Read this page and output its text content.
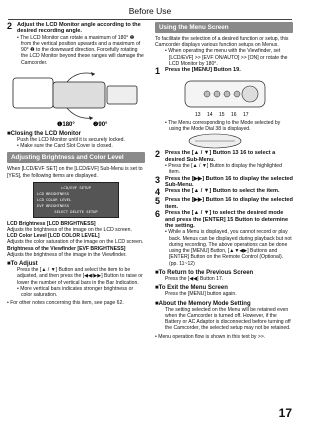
Before Use
2 Adjust the LCD Monitor angle according to the desired recording angle.

• The LCD Monitor can rotate a maximum of 180° ❶ from the vertical position upwards and a maximum of 90° ❷ to the downward direction. Forcefully rotating the LCD Monitor beyond these ranges will damage the Camcorder.

❶180°	❷90°

■Closing the LCD Monitor

Push the LCD Monitor until it is securely locked.

• Make sure the Card Slot Cover is closed.

Adjusting Brightness and Color Level

When [LCD/EVF SET] on the [LCD/EVF] Sub-Menu is set to [YES], the following items are displayed.

LCD/EVF SETUP
LCD BRIGHTNESS
LCD COLOR LEVEL
EVF BRIGHTNESS
SELECT DELETE SETUP

LCD Brightness [LCD BRIGHTNESS]

Adjusts the brightness of the image on the LCD screen.

LCD Color Level [LCD COLOR LEVEL]

Adjusts the color saturation of the image on the LCD screen.

Brightness of the Viewfinder [EVF BRIGHTNESS]

Adjusts the brightness of the image in the Viewfinder.

■To Adjust

Press the [▲ / ▼] Button and select the item to be adjusted, and then press the [◀◀/▶▶] Button to raise or lower the number of vertical bars in the Bar Indication.

• More vertical bars indicates stronger brightness or color saturation.

• For other notes concerning this item, see page 62.

Using the Menu Screen

To facilitate the selection of a desired function or setup, this Camcorder displays various function setups on Menus.

• When operating the menu with the Viewfinder, set [LCD/EVF] >> [EVF ON/AUTO] >> [ON] or rotate the LCD Monitor by 180°.

1 Press the [MENU] Button 19.
13 14 15 16 17

• The Menu corresponding to the Mode selected by using the Mode Dial 38 is displayed.

2 Press the [▲ / ▼] Button 13 16 to select a desired Sub-Menu.

• Press the [▲ / ▼] Button to display the highlighted item.

3 Press the [▶▶] Button 16 to display the selected Sub-Menu.
4 Press the [▲ / ▼] Button to select the item.
5 Press the [▶▶] Button 16 to display the selected item.
6 Press the [▲ / ▼] to select the desired mode and press the [ENTER] 15 Button to determine the setting.

• While a Menu is displayed, you cannot record or play back. Menus can be displayed during playback but not during recording. The above operations can be done using the [MENU] Button, [▲▼◀▶] Buttons and [ENTER] Button on the Remote Control (Optional). (pp. 11~12)

■To Return to the Previous Screen

Press the [◀◀] Button 17.

■To Exit the Menu Screen

Press the [MENU] button again.

■About the Memory Mode Setting

The setting selected on the Menu will be retained even when the Camcorder is turned off. However, if the Battery or AC Adaptor is disconnected before turning off the Camcorder, the selected setup may not be retained.

• Menu operation flow is shown in this text by >>.

17
